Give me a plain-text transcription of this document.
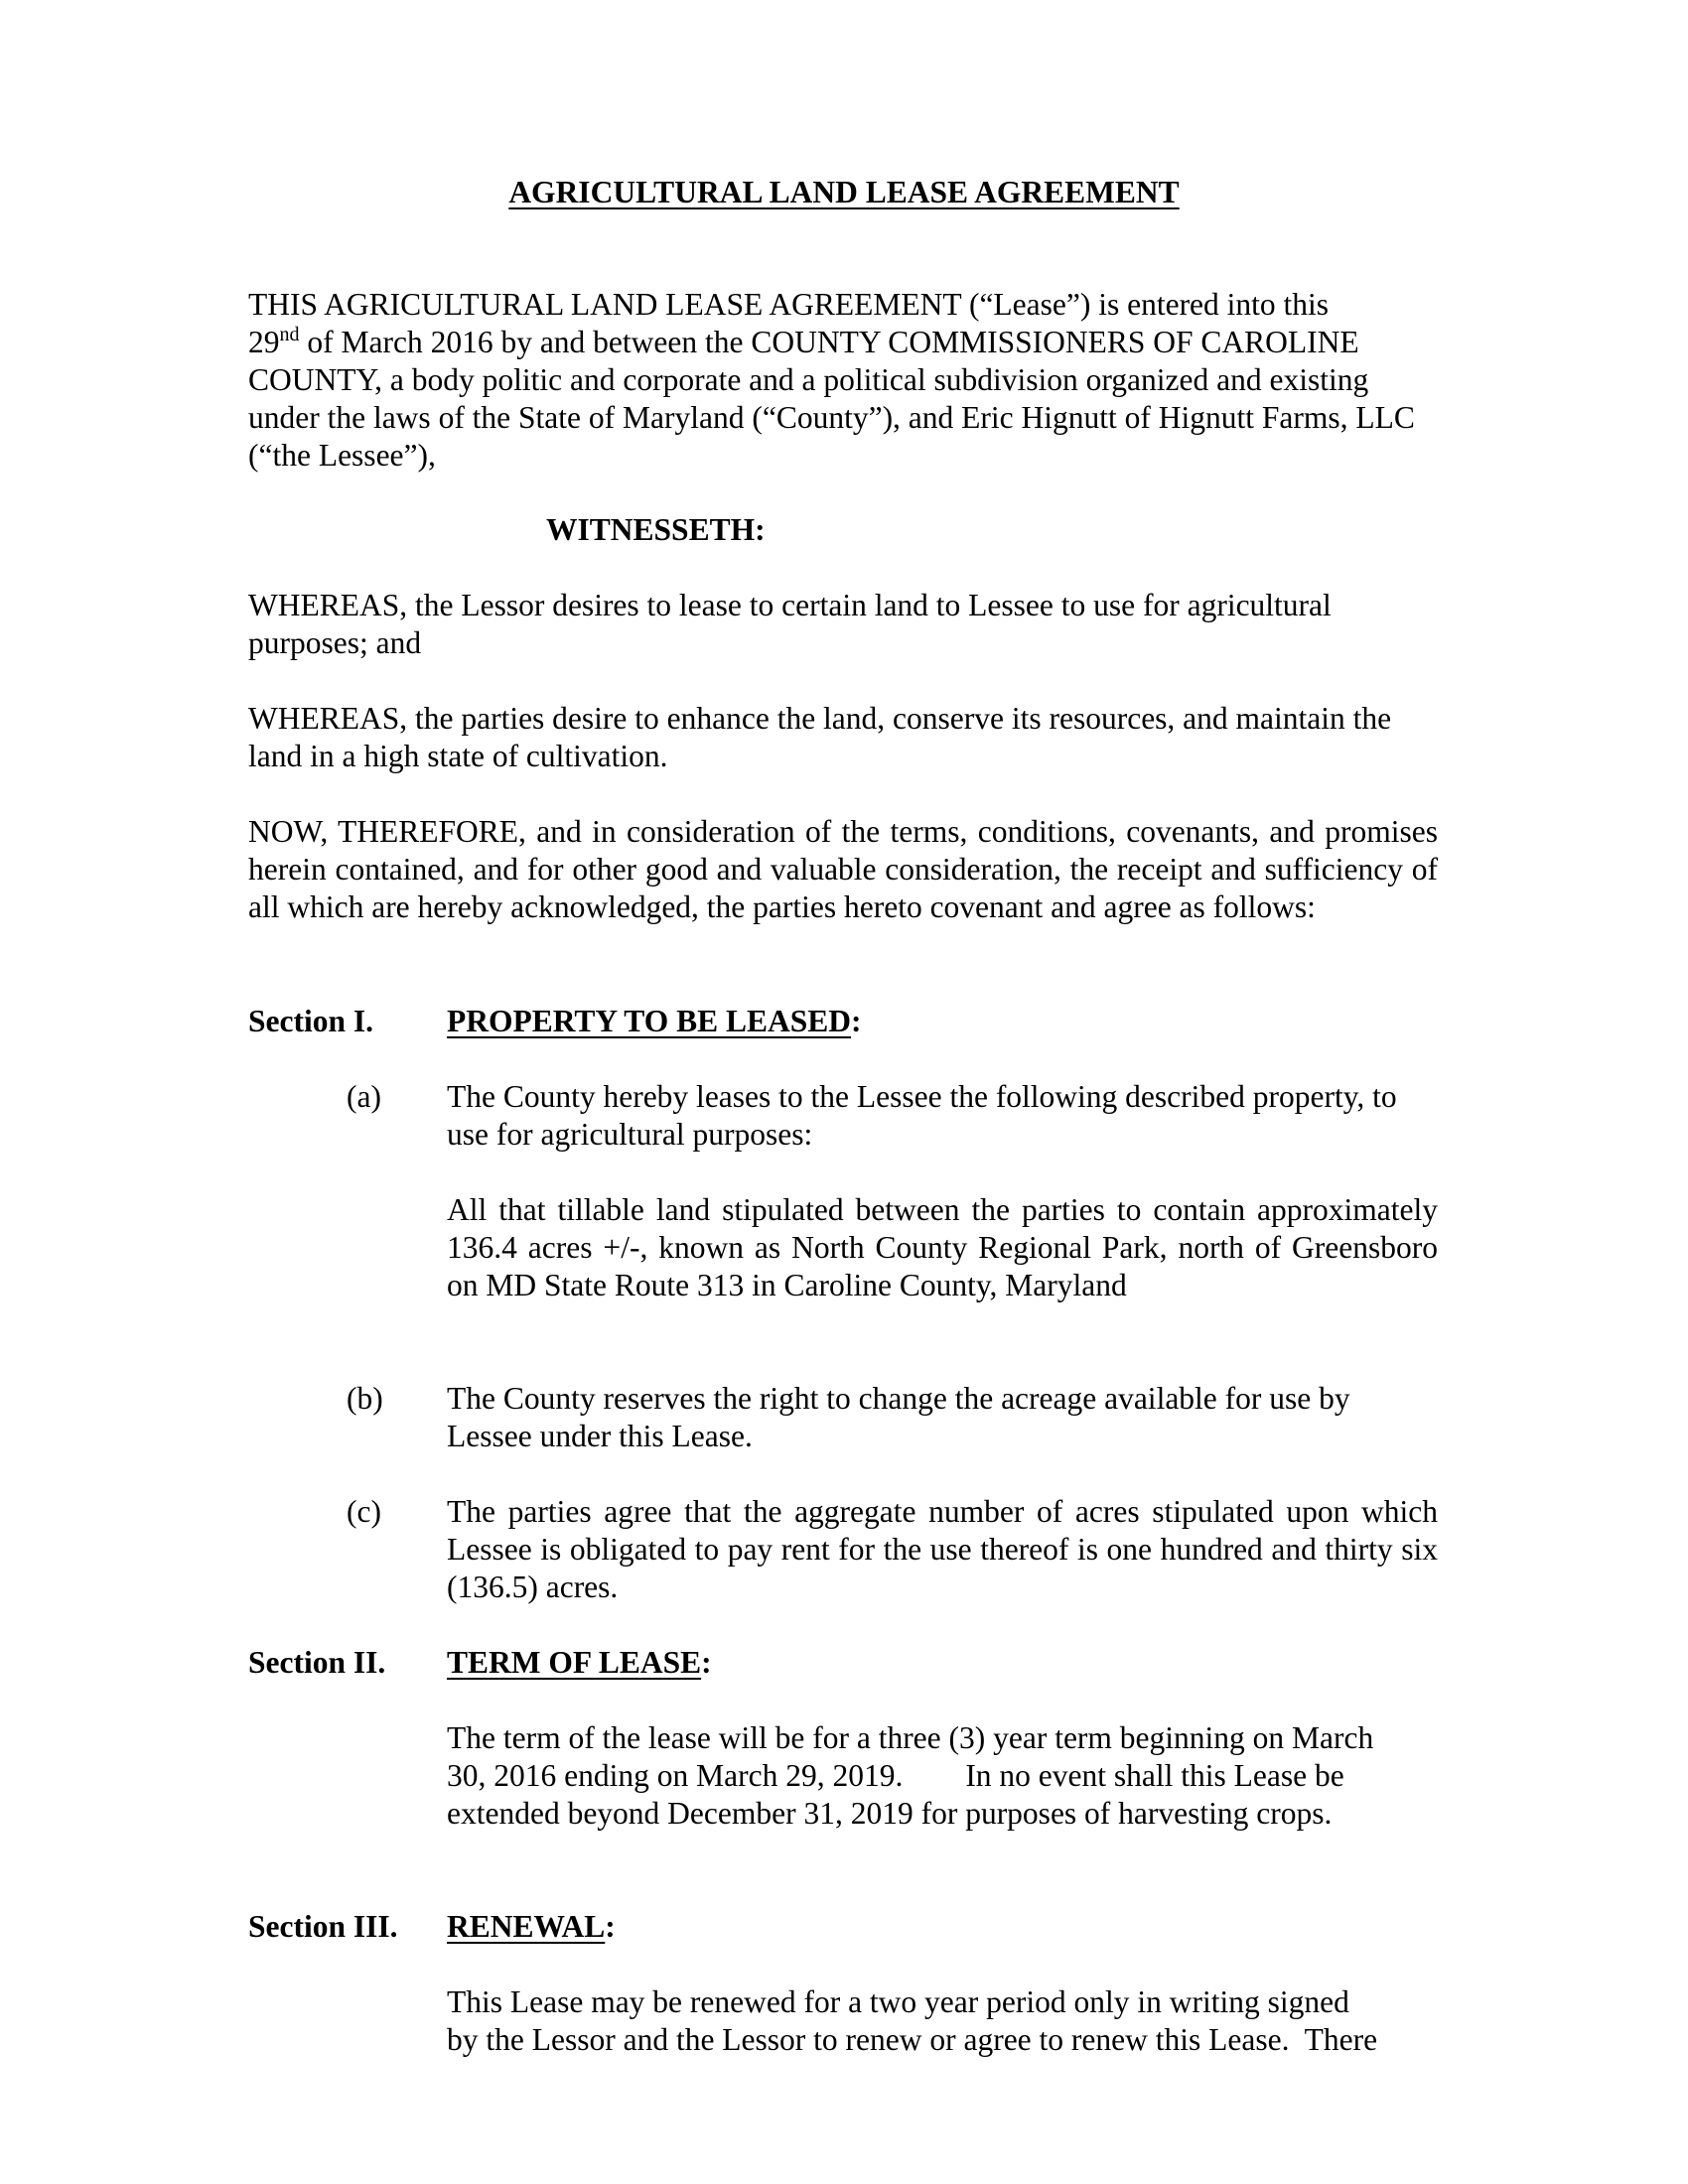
AGRICULTURAL LAND LEASE AGREEMENT
THIS AGRICULTURAL LAND LEASE AGREEMENT (“Lease”) is entered into this
29nd of March 2016 by and between the COUNTY COMMISSIONERS OF CAROLINE COUNTY, a body politic and corporate and a political subdivision organized and existing under the laws of the State of Maryland (“County”), and Eric Hignutt of Hignutt Farms, LLC (“the Lessee”),
WITNESSETH:
WHEREAS, the Lessor desires to lease to certain land to Lessee to use for agricultural purposes; and
WHEREAS, the parties desire to enhance the land, conserve its resources, and maintain the land in a high state of cultivation.
NOW, THEREFORE, and in consideration of the terms, conditions, covenants, and promises herein contained, and for other good and valuable consideration, the receipt and sufficiency of all which are hereby acknowledged, the parties hereto covenant and agree as follows:
Section I. PROPERTY TO BE LEASED:
(a) The County hereby leases to the Lessee the following described property, to use for agricultural purposes:
All that tillable land stipulated between the parties to contain approximately 136.4 acres +/-, known as North County Regional Park, north of Greensboro on MD State Route 313 in Caroline County, Maryland
(b) The County reserves the right to change the acreage available for use by Lessee under this Lease.
(c) The parties agree that the aggregate number of acres stipulated upon which Lessee is obligated to pay rent for the use thereof is one hundred and thirty six (136.5) acres.
Section II. TERM OF LEASE:
The term of the lease will be for a three (3) year term beginning on March
30, 2016 ending on March 29, 2019.        In no event shall this Lease be
extended beyond December 31, 2019 for purposes of harvesting crops.
Section III. RENEWAL:
This Lease may be renewed for a two year period only in writing signed
by the Lessor and the Lessor to renew or agree to renew this Lease.  There
